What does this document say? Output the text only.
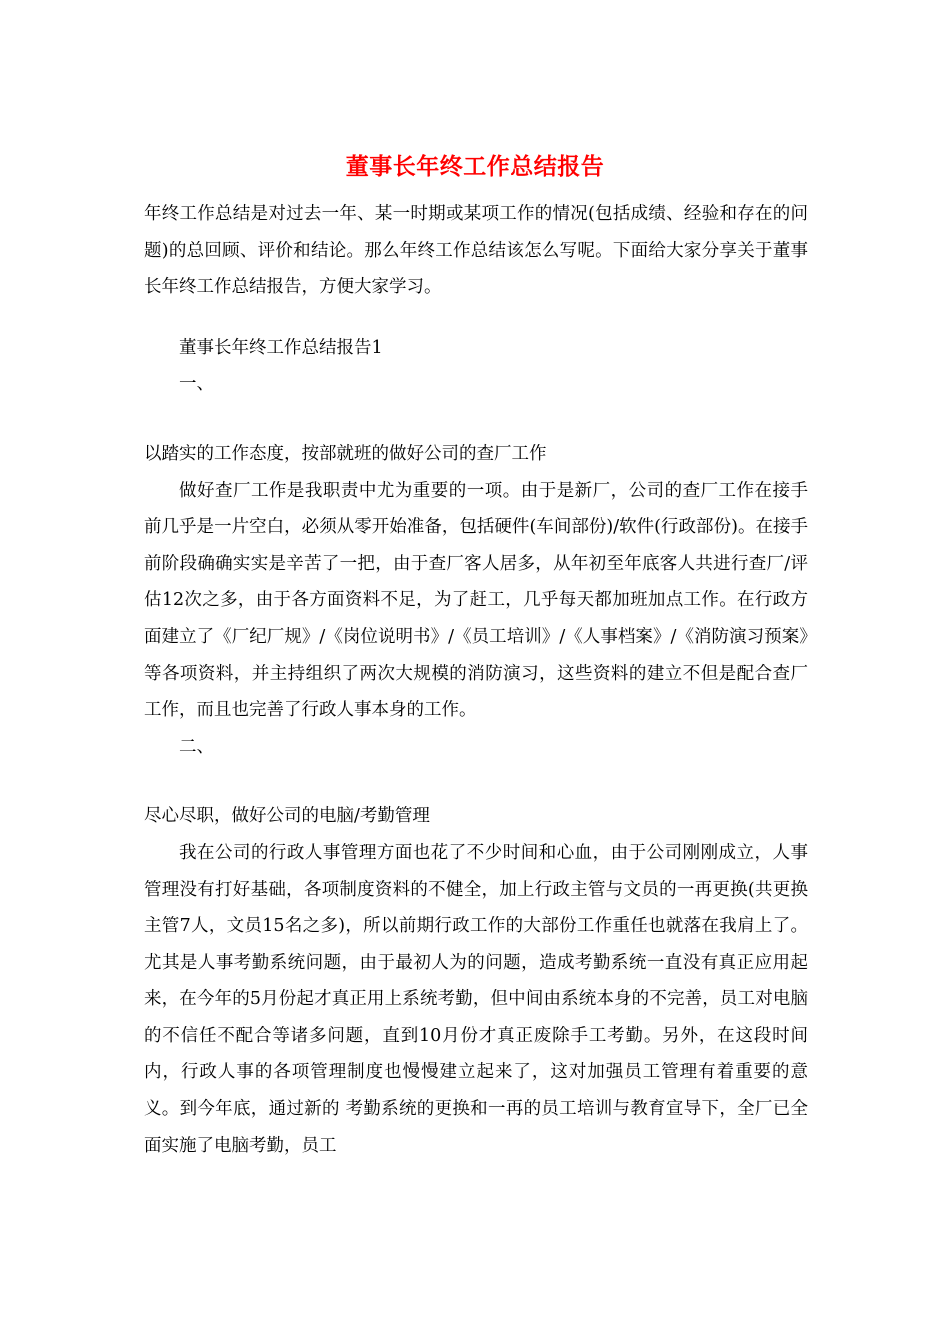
董事长年终工作总结报告

年终工作总结是对过去一年、某一时期或某项工作的情况(包括成绩、经验和存在的问题)的总回顾、评价和结论。那么年终工作总结该怎么写呢。下面给大家分享关于董事长年终工作总结报告，方便大家学习。

董事长年终工作总结报告1

一、

以踏实的工作态度，按部就班的做好公司的查厂工作

做好查厂工作是我职责中尤为重要的一项。由于是新厂，公司的查厂工作在接手前几乎是一片空白，必须从零开始准备，包括硬件(车间部份)/软件(行政部份)。在接手前阶段确确实实是辛苦了一把，由于查厂客人居多，从年初至年底客人共进行查厂/评估12次之多，由于各方面资料不足，为了赶工，几乎每天都加班加点工作。在行政方面建立了《厂纪厂规》/《岗位说明书》/《员工培训》/《人事档案》/《消防演习预案》等各项资料，并主持组织了两次大规模的消防演习，这些资料的建立不但是配合查厂工作，而且也完善了行政人事本身的工作。

二、

尽心尽职，做好公司的电脑/考勤管理

我在公司的行政人事管理方面也花了不少时间和心血，由于公司刚刚成立，人事管理没有打好基础，各项制度资料的不健全，加上行政主管与文员的一再更换(共更换主管7人，文员15名之多)，所以前期行政工作的大部份工作重任也就落在我肩上了。尤其是人事考勤系统问题，由于最初人为的问题，造成考勤系统一直没有真正应用起来，在今年的5月份起才真正用上系统考勤，但中间由系统本身的不完善，员工对电脑的不信任不配合等诸多问题，直到10月份才真正废除手工考勤。另外，在这段时间内，行政人事的各项管理制度也慢慢建立起来了，这对加强员工管理有着重要的意义。到今年底，通过新的 考勤系统的更换和一再的员工培训与教育宣导下，全厂已全面实施了电脑考勤，员工
